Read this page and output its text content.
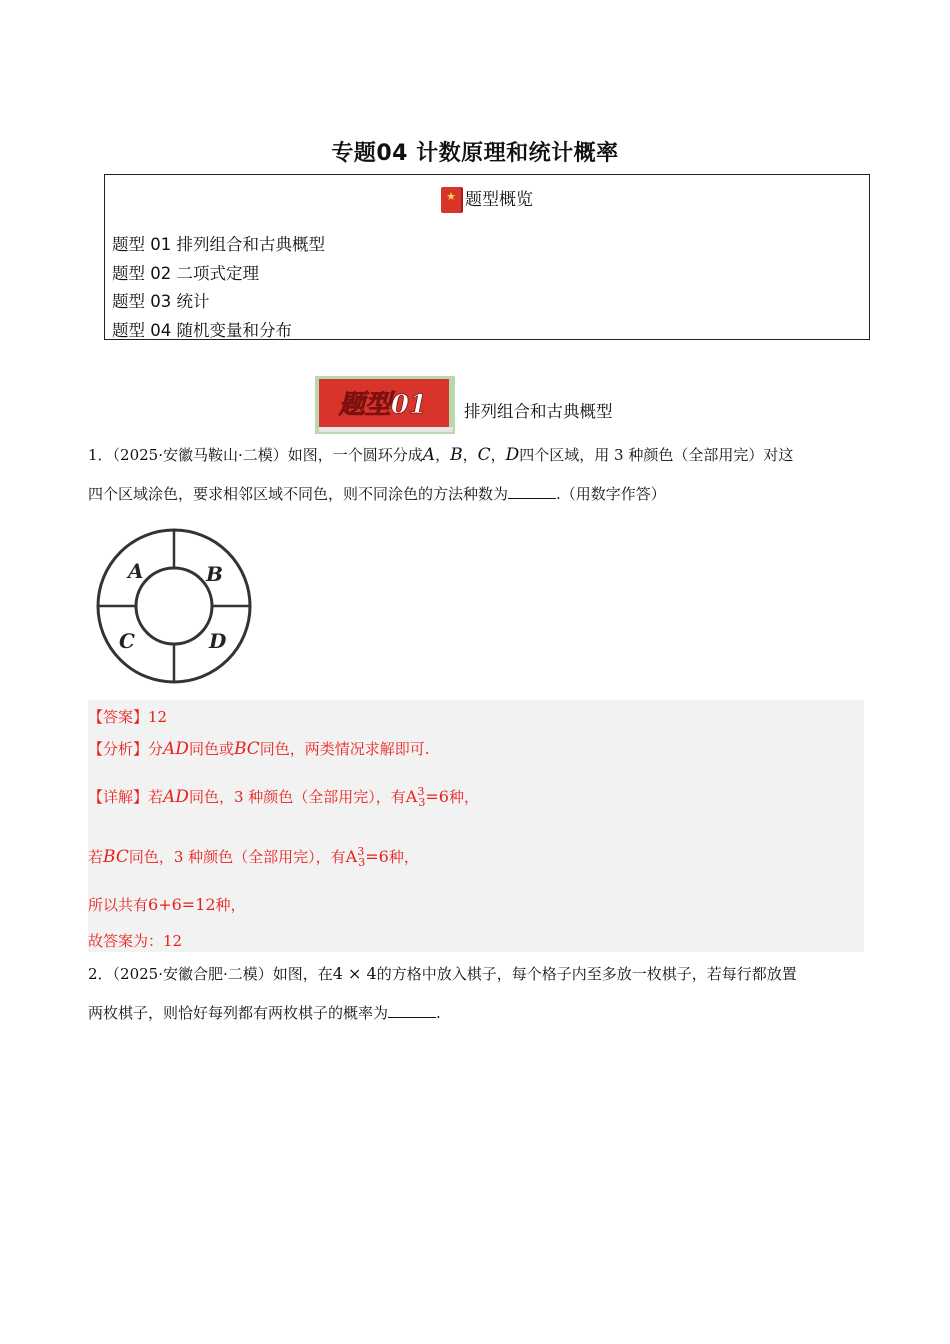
专题04 计数原理和统计概率
★ 题型概览
题型 01 排列组合和古典概型
题型 02 二项式定理
题型 03 统计
题型 04 随机变量和分布
题型01 排列组合和古典概型
1．（2025·安徽马鞍山·二模）如图，一个圆环分成A，B，C，D四个区域，用 3 种颜色（全部用完）对这
四个区域涂色，要求相邻区域不同色，则不同涂色的方法种数为	.（用数字作答）
A	B
C	D
【答案】12
【分析】分AD同色或BC同色，两类情况求解即可.
【详解】若AD同色，3 种颜色（全部用完），有$A^3_3=6$种，
若BC同色，3 种颜色（全部用完），有$A^3_3=6$种，
所以共有6+6=12种，
故答案为：12
2．（2025·安徽合肥·二模）如图，在4 × 4的方格中放入棋子，每个格子内至多放一枚棋子，若每行都放置
两枚棋子，则恰好每列都有两枚棋子的概率为	.
